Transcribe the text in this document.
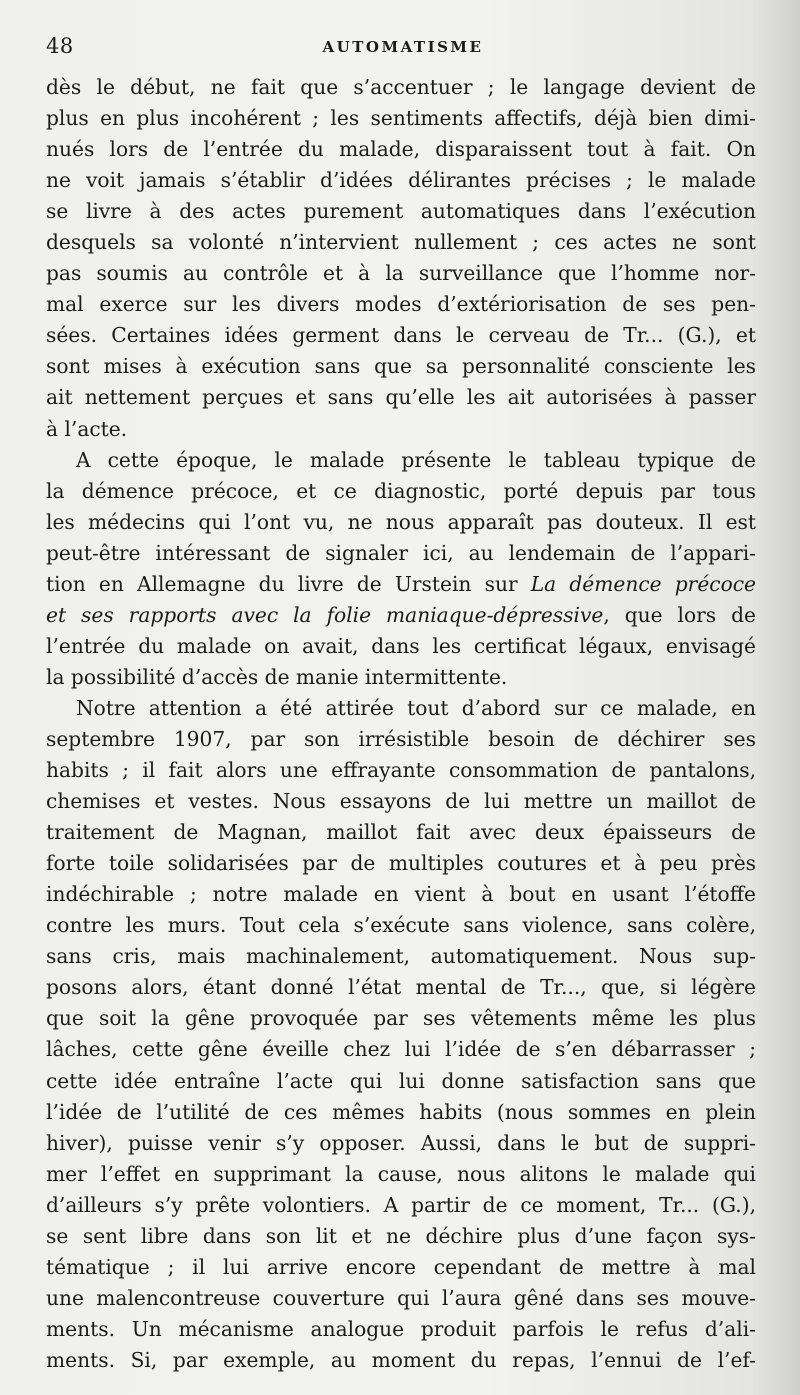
48	AUTOMATISME
dès le début, ne fait que s’accentuer ; le langage devient de
plus en plus incohérent ; les sentiments affectifs, déjà bien dimi-
nués lors de l’entrée du malade, disparaissent tout à fait. On
ne voit jamais s’établir d’idées délirantes précises ; le malade
se livre à des actes purement automatiques dans l’exécution
desquels sa volonté n’intervient nullement ; ces actes ne sont
pas soumis au contrôle et à la surveillance que l’homme nor-
mal exerce sur les divers modes d’extériorisation de ses pen-
sées. Certaines idées germent dans le cerveau de Tr... (G.), et
sont mises à exécution sans que sa personnalité consciente les
ait nettement perçues et sans qu’elle les ait autorisées à passer
à l’acte.
A cette époque, le malade présente le tableau typique de
la démence précoce, et ce diagnostic, porté depuis par tous
les médecins qui l’ont vu, ne nous apparaît pas douteux. Il est
peut-être intéressant de signaler ici, au lendemain de l’appari-
tion en Allemagne du livre de Urstein sur La démence précoce
et ses rapports avec la folie maniaque-dépressive, que lors de
l’entrée du malade on avait, dans les certificat légaux, envisagé
la possibilité d’accès de manie intermittente.
Notre attention a été attirée tout d’abord sur ce malade, en
septembre 1907, par son irrésistible besoin de déchirer ses
habits ; il fait alors une effrayante consommation de pantalons,
chemises et vestes. Nous essayons de lui mettre un maillot de
traitement de Magnan, maillot fait avec deux épaisseurs de
forte toile solidarisées par de multiples coutures et à peu près
indéchirable ; notre malade en vient à bout en usant l’étoffe
contre les murs. Tout cela s’exécute sans violence, sans colère,
sans cris, mais machinalement, automatiquement. Nous sup-
posons alors, étant donné l’état mental de Tr..., que, si légère
que soit la gêne provoquée par ses vêtements même les plus
lâches, cette gêne éveille chez lui l’idée de s’en débarrasser ;
cette idée entraîne l’acte qui lui donne satisfaction sans que
l’idée de l’utilité de ces mêmes habits (nous sommes en plein
hiver), puisse venir s’y opposer. Aussi, dans le but de suppri-
mer l’effet en supprimant la cause, nous alitons le malade qui
d’ailleurs s’y prête volontiers. A partir de ce moment, Tr... (G.),
se sent libre dans son lit et ne déchire plus d’une façon sys-
tématique ; il lui arrive encore cependant de mettre à mal
une malencontreuse couverture qui l’aura gêné dans ses mouve-
ments. Un mécanisme analogue produit parfois le refus d’ali-
ments. Si, par exemple, au moment du repas, l’ennui de l’ef-
